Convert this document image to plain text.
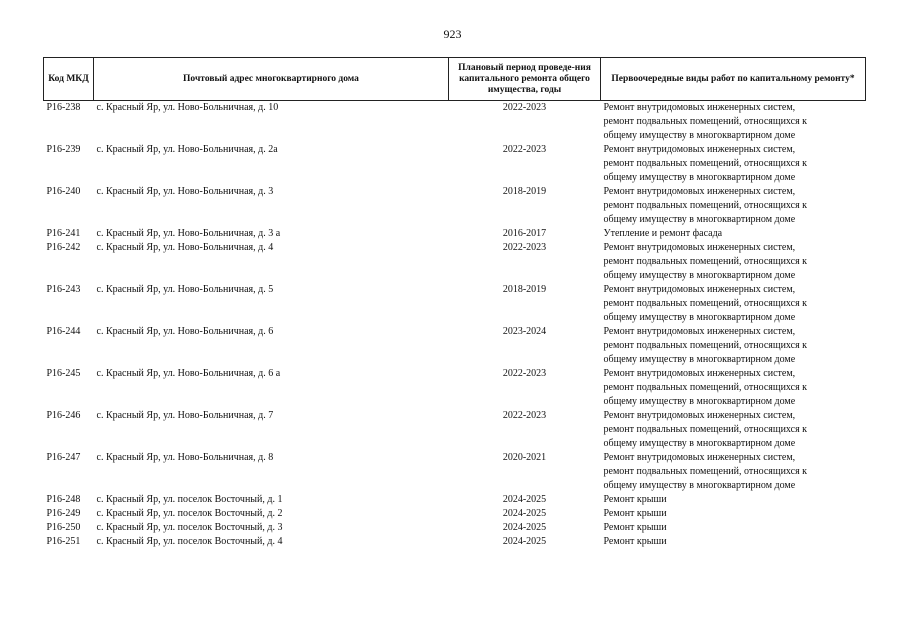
923
Код МКД	Почтовый адрес многоквартирного дома	Плановый период проведе-ния капитального ремонта общего имущества, годы	Первоочередные виды работ по капитальному ремонту*
Р16-238	с. Красный Яр, ул. Ново-Больничная, д. 10	2022-2023	Ремонт внутридомовых инженерных систем,
ремонт подвальных помещений, относящихся к
общему имуществу в многоквартирном доме

Р16-239	с. Красный Яр, ул. Ново-Больничная, д. 2а	2022-2023	Ремонт внутридомовых инженерных систем,
ремонт подвальных помещений, относящихся к
общему имуществу в многоквартирном доме

Р16-240	с. Красный Яр, ул. Ново-Больничная, д. 3	2018-2019	Ремонт внутридомовых инженерных систем,
ремонт подвальных помещений, относящихся к
общему имуществу в многоквартирном доме

Р16-241	с. Красный Яр, ул. Ново-Больничная, д. 3 а	2016-2017	Утепление и ремонт фасада

Р16-242	с. Красный Яр, ул. Ново-Больничная, д. 4	2022-2023	Ремонт внутридомовых инженерных систем,
ремонт подвальных помещений, относящихся к
общему имуществу в многоквартирном доме

Р16-243	с. Красный Яр, ул. Ново-Больничная, д. 5	2018-2019	Ремонт внутридомовых инженерных систем,
ремонт подвальных помещений, относящихся к
общему имуществу в многоквартирном доме

Р16-244	с. Красный Яр, ул. Ново-Больничная, д. 6	2023-2024	Ремонт внутридомовых инженерных систем,
ремонт подвальных помещений, относящихся к
общему имуществу в многоквартирном доме

Р16-245	с. Красный Яр, ул. Ново-Больничная, д. 6 а	2022-2023	Ремонт внутридомовых инженерных систем,
ремонт подвальных помещений, относящихся к
общему имуществу в многоквартирном доме

Р16-246	с. Красный Яр, ул. Ново-Больничная, д. 7	2022-2023	Ремонт внутридомовых инженерных систем,
ремонт подвальных помещений, относящихся к
общему имуществу в многоквартирном доме

Р16-247	с. Красный Яр, ул. Ново-Больничная, д. 8	2020-2021	Ремонт внутридомовых инженерных систем,
ремонт подвальных помещений, относящихся к
общему имуществу в многоквартирном доме

Р16-248	с. Красный Яр, ул. поселок Восточный, д. 1	2024-2025	Ремонт крыши

Р16-249	с. Красный Яр, ул. поселок Восточный, д. 2	2024-2025	Ремонт крыши

Р16-250	с. Красный Яр, ул. поселок Восточный, д. 3	2024-2025	Ремонт крыши

Р16-251	с. Красный Яр, ул. поселок Восточный, д. 4	2024-2025	Ремонт крыши
